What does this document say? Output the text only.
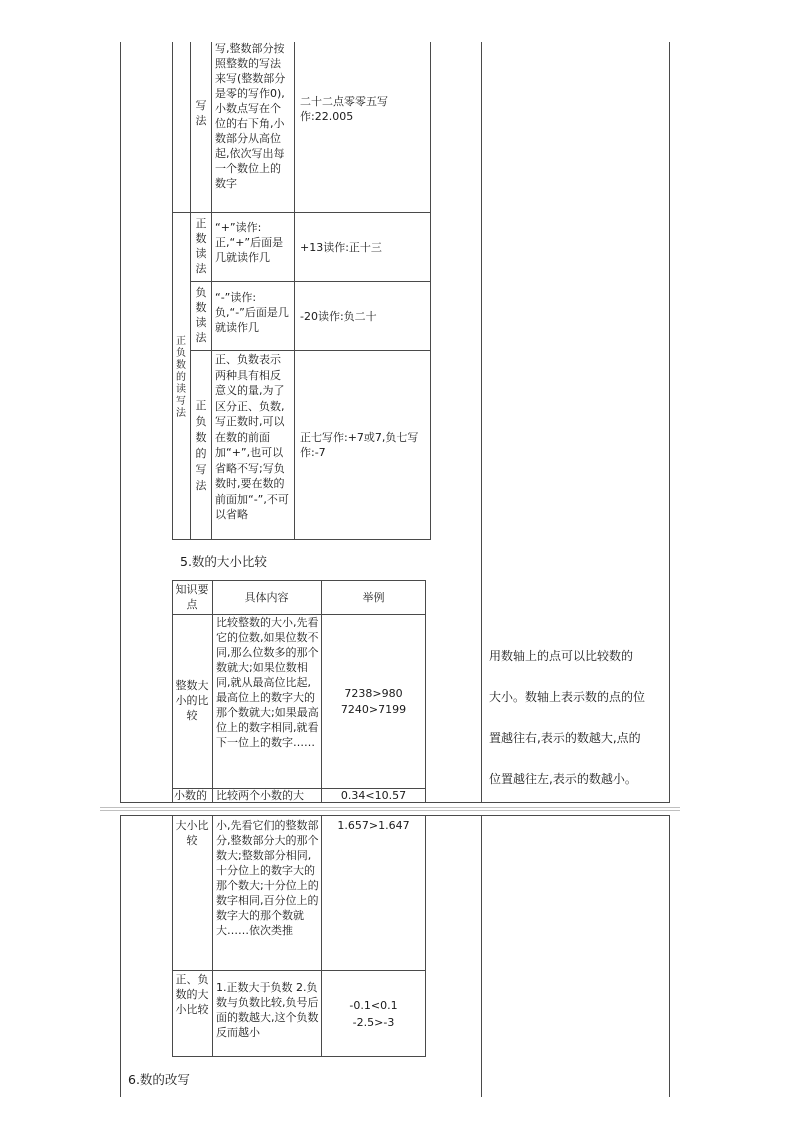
写法
写,整数部分按照整数的写法来写(整数部分是零的写作0),小数点写在个位的右下角,小数部分从高位起,依次写出每一个数位上的数字
二十二点零零五写作:22.005
正负数的读写法
正数读法
“+”读作:正,“+”后面是几就读作几
+13读作:正十三
负数读法
“-”读作:负,“-”后面是几就读作几
-20读作:负二十
正负数的写法
正、负数表示两种具有相反意义的量,为了区分正、负数,写正数时,可以在数的前面加“+”,也可以省略不写;写负数时,要在数的前面加“-”,不可以省略
正七写作:+7或7,负七写作:-7
5.数的大小比较
知识要点
具体内容	举例
整数大小的比较
比较整数的大小,先看它的位数,如果位数不同,那么位数多的那个数就大;如果位数相同,就从最高位比起,最高位上的数字大的那个数就大;如果最高位上的数字相同,就看下一位上的数字……
7238>980
7240>7199
小数的 比较两个小数的大	0.34<10.57
大小比较
小,先看它们的整数部分,整数部分大的那个数大;整数部分相同,十分位上的数字大的那个数大;十分位上的数字相同,百分位上的数字大的那个数就大……依次类推
1.657>1.647
正、负数的大小比较
1.正数大于负数 2.负数与负数比较,负号后面的数越大,这个负数反而越小
-0.1<0.1
-2.5>-3
用数轴上的点可以比较数的
大小。数轴上表示数的点的位
置越往右,表示的数越大,点的
位置越往左,表示的数越小。
6.数的改写
